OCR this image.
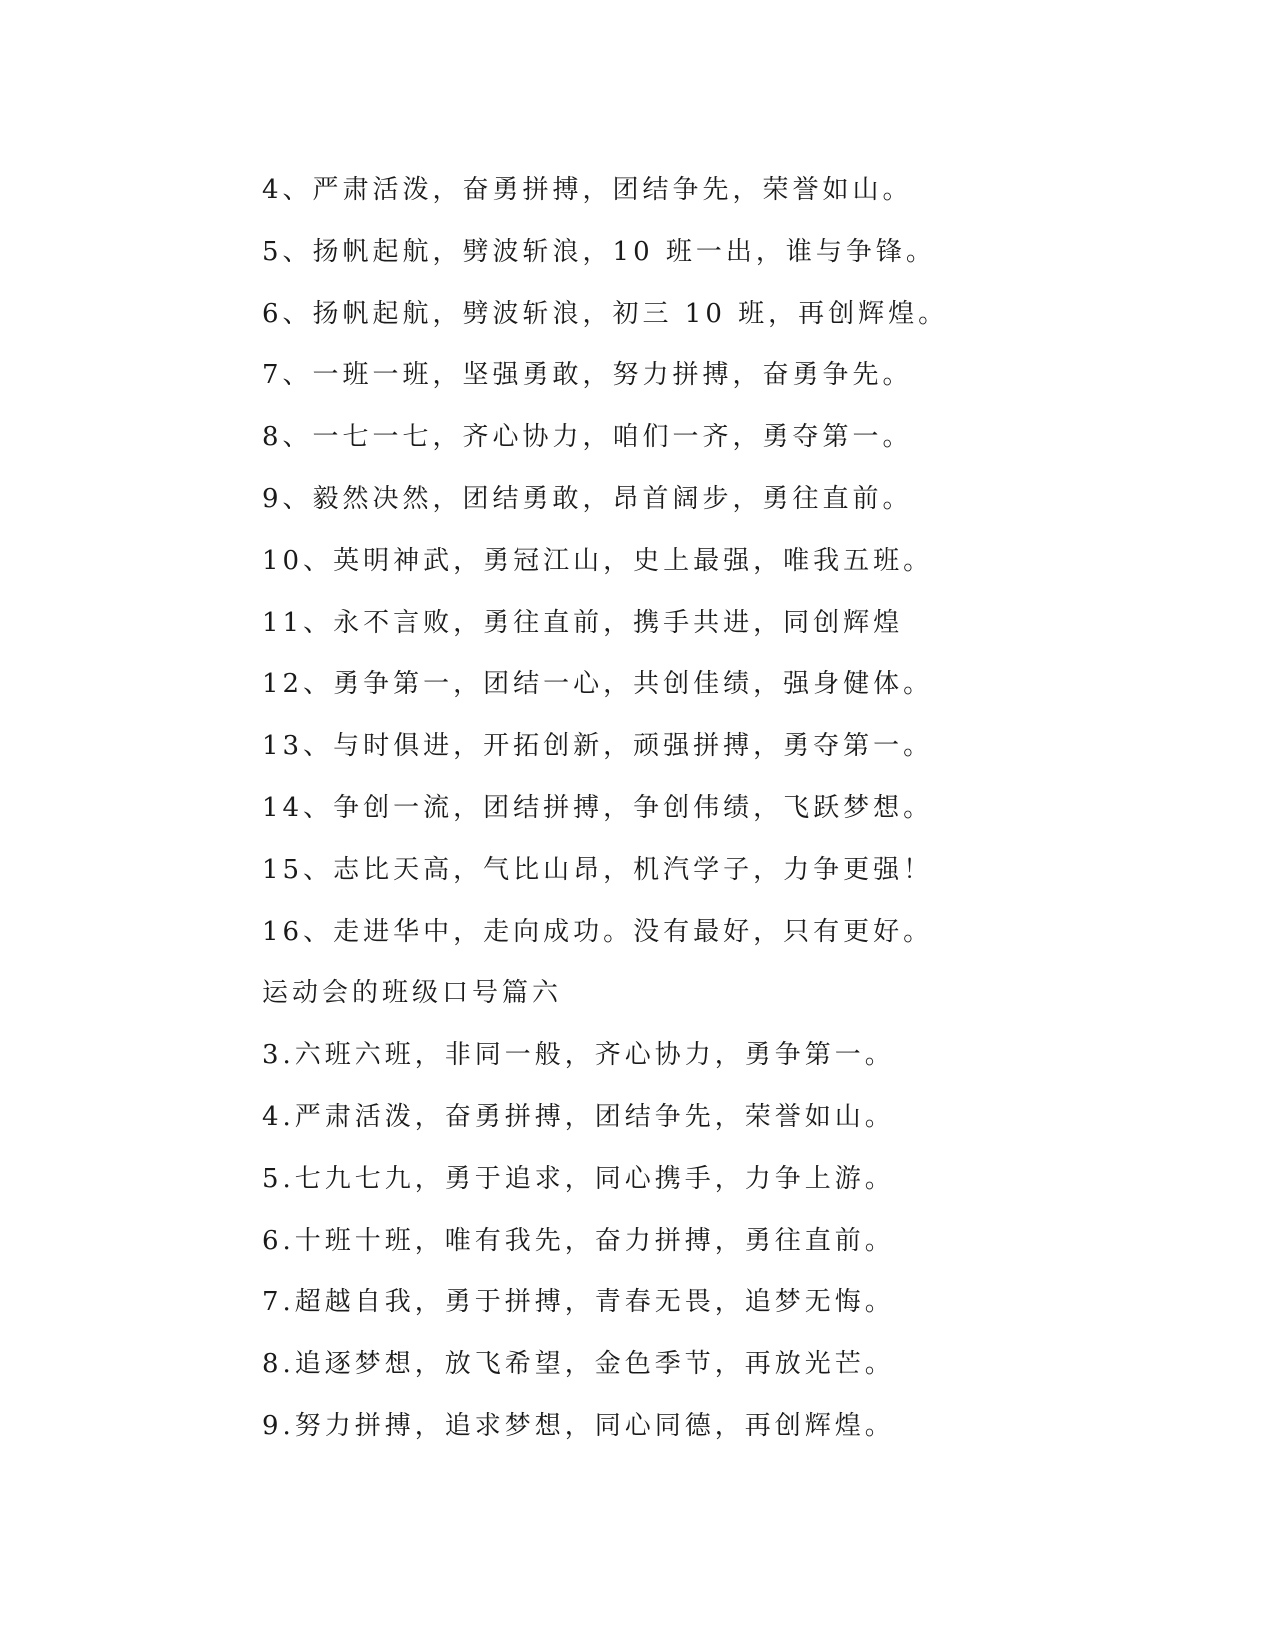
4、严肃活泼，奋勇拼搏，团结争先，荣誉如山。
5、扬帆起航，劈波斩浪，10 班一出，谁与争锋。
6、扬帆起航，劈波斩浪，初三 10 班，再创辉煌。
7、一班一班，坚强勇敢，努力拼搏，奋勇争先。
8、一七一七，齐心协力，咱们一齐，勇夺第一。
9、毅然决然，团结勇敢，昂首阔步，勇往直前。
10、英明神武，勇冠江山，史上最强，唯我五班。
11、永不言败，勇往直前，携手共进，同创辉煌
12、勇争第一，团结一心，共创佳绩，强身健体。
13、与时俱进，开拓创新，顽强拼搏，勇夺第一。
14、争创一流，团结拼搏，争创伟绩，飞跃梦想。
15、志比天高，气比山昂，机汽学子，力争更强！
16、走进华中，走向成功。没有最好，只有更好。
运动会的班级口号篇六
3.六班六班，非同一般，齐心协力，勇争第一。
4.严肃活泼，奋勇拼搏，团结争先，荣誉如山。
5.七九七九，勇于追求，同心携手，力争上游。
6.十班十班，唯有我先，奋力拼搏，勇往直前。
7.超越自我，勇于拼搏，青春无畏，追梦无悔。
8.追逐梦想，放飞希望，金色季节，再放光芒。
9.努力拼搏，追求梦想，同心同德，再创辉煌。
